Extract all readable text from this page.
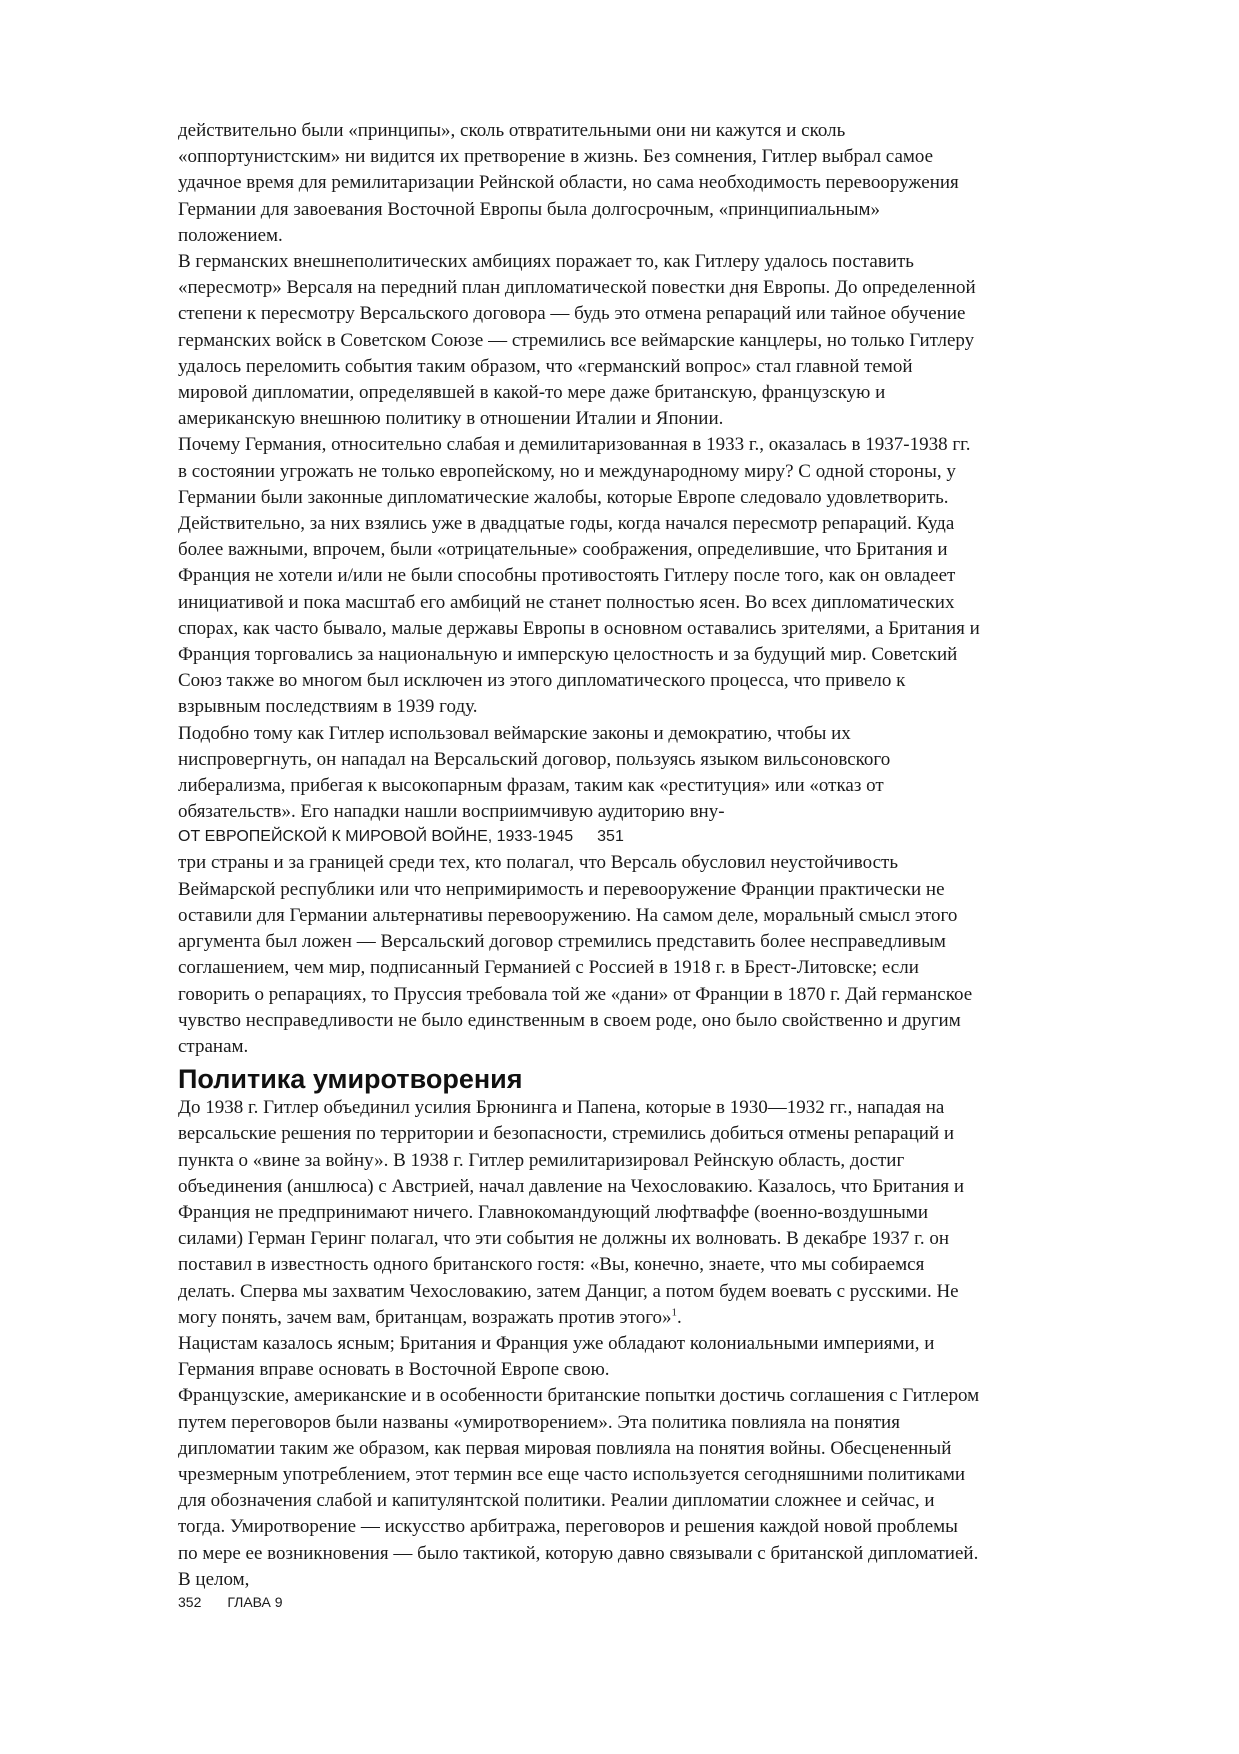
действительно были «принципы», сколь отвратительными они ни кажутся и сколь
«оппортунистским» ни видится их претворение в жизнь. Без сомнения, Гитлер выбрал самое
удачное время для ремилитаризации Рейнской области, но сама необходимость перевооружения
Германии для завоевания Восточной Европы была долгосрочным, «принципиальным»
положением.
В германских внешнеполитических амбициях поражает то, как Гитлеру удалось поставить
«пересмотр» Версаля на передний план дипломатической повестки дня Европы. До определенной
степени к пересмотру Версальского договора — будь это отмена репараций или тайное обучение
германских войск в Советском Союзе — стремились все веймарские канцлеры, но только Гитлеру
удалось переломить события таким образом, что «германский вопрос» стал главной темой
мировой дипломатии, определявшей в какой-то мере даже британскую, французскую и
американскую внешнюю политику в отношении Италии и Японии.
Почему Германия, относительно слабая и демилитаризованная в 1933 г., оказалась в 1937-1938 гг.
в состоянии угрожать не только европейскому, но и международному миру? С одной стороны, у
Германии были законные дипломатические жалобы, которые Европе следовало удовлетворить.
Действительно, за них взялись уже в двадцатые годы, когда начался пересмотр репараций. Куда
более важными, впрочем, были «отрицательные» соображения, определившие, что Британия и
Франция не хотели и/или не были способны противостоять Гитлеру после того, как он овладеет
инициативой и пока масштаб его амбиций не станет полностью ясен. Во всех дипломатических
спорах, как часто бывало, малые державы Европы в основном оставались зрителями, а Британия и
Франция торговались за национальную и имперскую целостность и за будущий мир. Советский
Союз также во многом был исключен из этого дипломатического процесса, что привело к
взрывным последствиям в 1939 году.
Подобно тому как Гитлер использовал веймарские законы и демократию, чтобы их
ниспровергнуть, он нападал на Версальский договор, пользуясь языком вильсоновского
либерализма, прибегая к высокопарным фразам, таким как «реституция» или «отказ от
обязательств». Его нападки нашли восприимчивую аудиторию вну-
ОТ ЕВРОПЕЙСКОЙ К МИРОВОЙ ВОЙНЕ, 1933-1945 351
три страны и за границей среди тех, кто полагал, что Версаль обусловил неустойчивость
Веймарской республики или что непримиримость и перевооружение Франции практически не
оставили для Германии альтернативы перевооружению. На самом деле, моральный смысл этого
аргумента был ложен — Версальский договор стремились представить более несправедливым
соглашением, чем мир, подписанный Германией с Россией в 1918 г. в Брест-Литовске; если
говорить о репарациях, то Пруссия требовала той же «дани» от Франции в 1870 г. Дай германское
чувство несправедливости не было единственным в своем роде, оно было свойственно и другим
странам.
Политика умиротворения
До 1938 г. Гитлер объединил усилия Брюнинга и Папена, которые в 1930—1932 гг., нападая на
версальские решения по территории и безопасности, стремились добиться отмены репараций и
пункта о «вине за войну». В 1938 г. Гитлер ремилитаризировал Рейнскую область, достиг
объединения (аншлюса) с Австрией, начал давление на Чехословакию. Казалось, что Британия и
Франция не предпринимают ничего. Главнокомандующий люфтваффе (военно-воздушными
силами) Герман Геринг полагал, что эти события не должны их волновать. В декабре 1937 г. он
поставил в известность одного британского гостя: «Вы, конечно, знаете, что мы собираемся
делать. Сперва мы захватим Чехословакию, затем Данциг, а потом будем воевать с русскими. Не
могу понять, зачем вам, британцам, возражать против этого»$^1$.
Нацистам казалось ясным; Британия и Франция уже обладают колониальными империями, и
Германия вправе основать в Восточной Европе свою.
Французские, американские и в особенности британские попытки достичь соглашения с Гитлером
путем переговоров были названы «умиротворением». Эта политика повлияла на понятия
дипломатии таким же образом, как первая мировая повлияла на понятия войны. Обесцененный
чрезмерным употреблением, этот термин все еще часто используется сегодняшними политиками
для обозначения слабой и капитулянтской политики. Реалии дипломатии сложнее и сейчас, и
тогда. Умиротворение — искусство арбитража, переговоров и решения каждой новой проблемы
по мере ее возникновения — было тактикой, которую давно связывали с британской дипломатией.
В целом,
352 ГЛАВА 9
